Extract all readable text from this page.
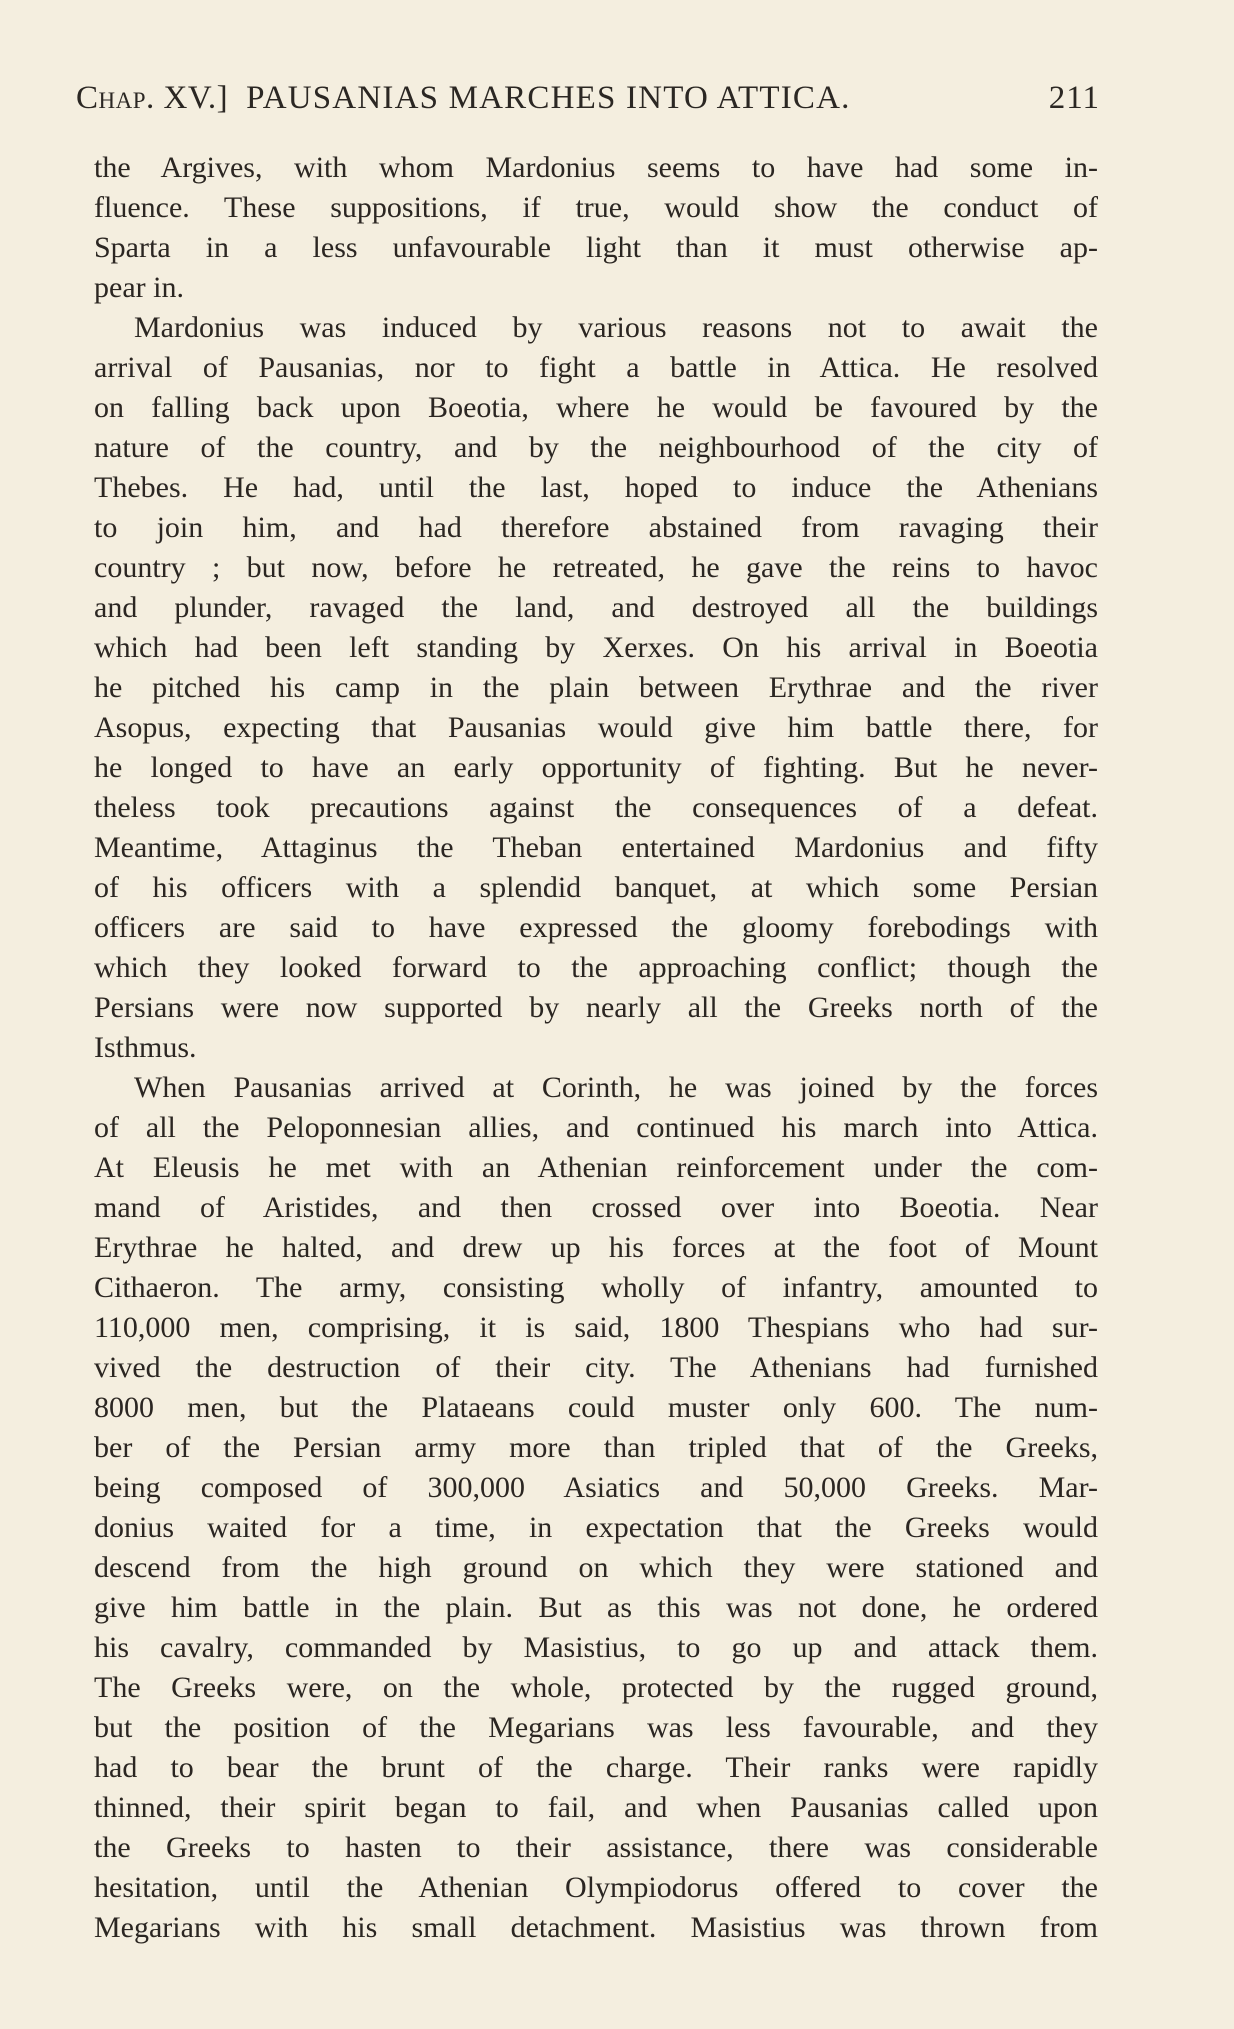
Chap. XV.] PAUSANIAS MARCHES INTO ATTICA.	211
the Argives, with whom Mardonius seems to have had some in-
fluence. These suppositions, if true, would show the conduct of
Sparta in a less unfavourable light than it must otherwise ap-
pear in.
Mardonius was induced by various reasons not to await the
arrival of Pausanias, nor to fight a battle in Attica. He resolved
on falling back upon Boeotia, where he would be favoured by the
nature of the country, and by the neighbourhood of the city of
Thebes. He had, until the last, hoped to induce the Athenians
to join him, and had therefore abstained from ravaging their
country ; but now, before he retreated, he gave the reins to havoc
and plunder, ravaged the land, and destroyed all the buildings
which had been left standing by Xerxes. On his arrival in Boeotia
he pitched his camp in the plain between Erythrae and the river
Asopus, expecting that Pausanias would give him battle there, for
he longed to have an early opportunity of fighting. But he never-
theless took precautions against the consequences of a defeat.
Meantime, Attaginus the Theban entertained Mardonius and fifty
of his officers with a splendid banquet, at which some Persian
officers are said to have expressed the gloomy forebodings with
which they looked forward to the approaching conflict; though the
Persians were now supported by nearly all the Greeks north of the
Isthmus.
When Pausanias arrived at Corinth, he was joined by the forces
of all the Peloponnesian allies, and continued his march into Attica.
At Eleusis he met with an Athenian reinforcement under the com-
mand of Aristides, and then crossed over into Boeotia. Near
Erythrae he halted, and drew up his forces at the foot of Mount
Cithaeron. The army, consisting wholly of infantry, amounted to
110,000 men, comprising, it is said, 1800 Thespians who had sur-
vived the destruction of their city. The Athenians had furnished
8000 men, but the Plataeans could muster only 600. The num-
ber of the Persian army more than tripled that of the Greeks,
being composed of 300,000 Asiatics and 50,000 Greeks. Mar-
donius waited for a time, in expectation that the Greeks would
descend from the high ground on which they were stationed and
give him battle in the plain. But as this was not done, he ordered
his cavalry, commanded by Masistius, to go up and attack them.
The Greeks were, on the whole, protected by the rugged ground,
but the position of the Megarians was less favourable, and they
had to bear the brunt of the charge. Their ranks were rapidly
thinned, their spirit began to fail, and when Pausanias called upon
the Greeks to hasten to their assistance, there was considerable
hesitation, until the Athenian Olympiodorus offered to cover the
Megarians with his small detachment. Masistius was thrown from
